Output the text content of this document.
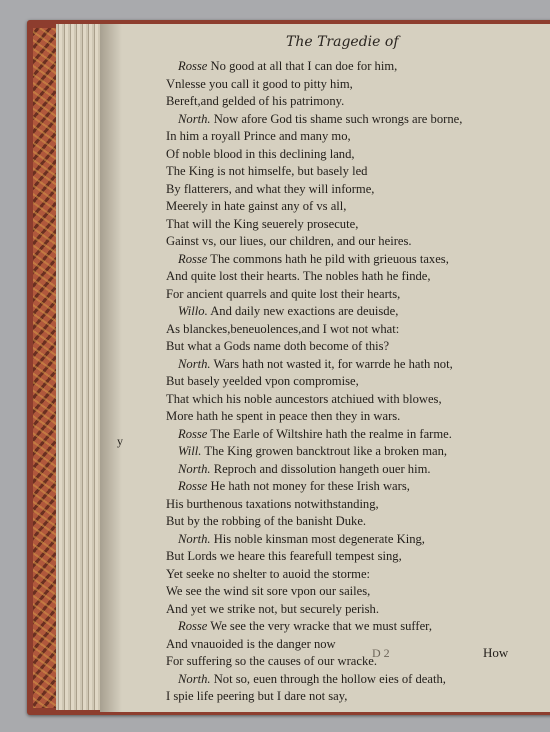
The Tragedie of
Rosse No good at all that I can doe for him,
Vnlesse you call it good to pitty him,
Bereft,and gelded of his patrimony.
North. Now afore God tis shame such wrongs are borne,
In him a royall Prince and many mo,
Of noble blood in this declining land,
The King is not himselfe, but basely led
By flatterers, and what they will informe,
Meerely in hate gainst any of vs all,
That will the King seuerely prosecute,
Gainst vs, our liues, our children, and our heires.
Rosse The commons hath he pild with grieuous taxes,
And quite lost their hearts. The nobles hath he finde,
For ancient quarrels and quite lost their hearts,
Willo. And daily new exactions are deuisde,
As blanckes,beneuolences,and I wot not what:
But what a Gods name doth become of this?
North. Wars hath not wasted it, for warrde he hath not,
But basely yeelded vpon compromise,
That which his noble auncestors atchiued with blowes,
More hath he spent in peace then they in wars.
Rosse The Earle of Wiltshire hath the realme in farme.
Will. The King growen bancktrout like a broken man,
North. Reproch and dissolution hangeth ouer him.
Rosse He hath not money for these Irish wars,
His burthenous taxations notwithstanding,
But by the robbing of the banisht Duke.
North. His noble kinsman most degenerate King,
But Lords we heare this fearefull tempest sing,
Yet seeke no shelter to auoid the storme:
We see the wind sit sore vpon our sailes,
And yet we strike not, but securely perish.
Rosse We see the very wracke that we must suffer,
And vnauoided is the danger now
For suffering so the causes of our wracke.
North. Not so, euen through the hollow eies of death,
I spie life peering but I dare not say,
y
D 2	How
